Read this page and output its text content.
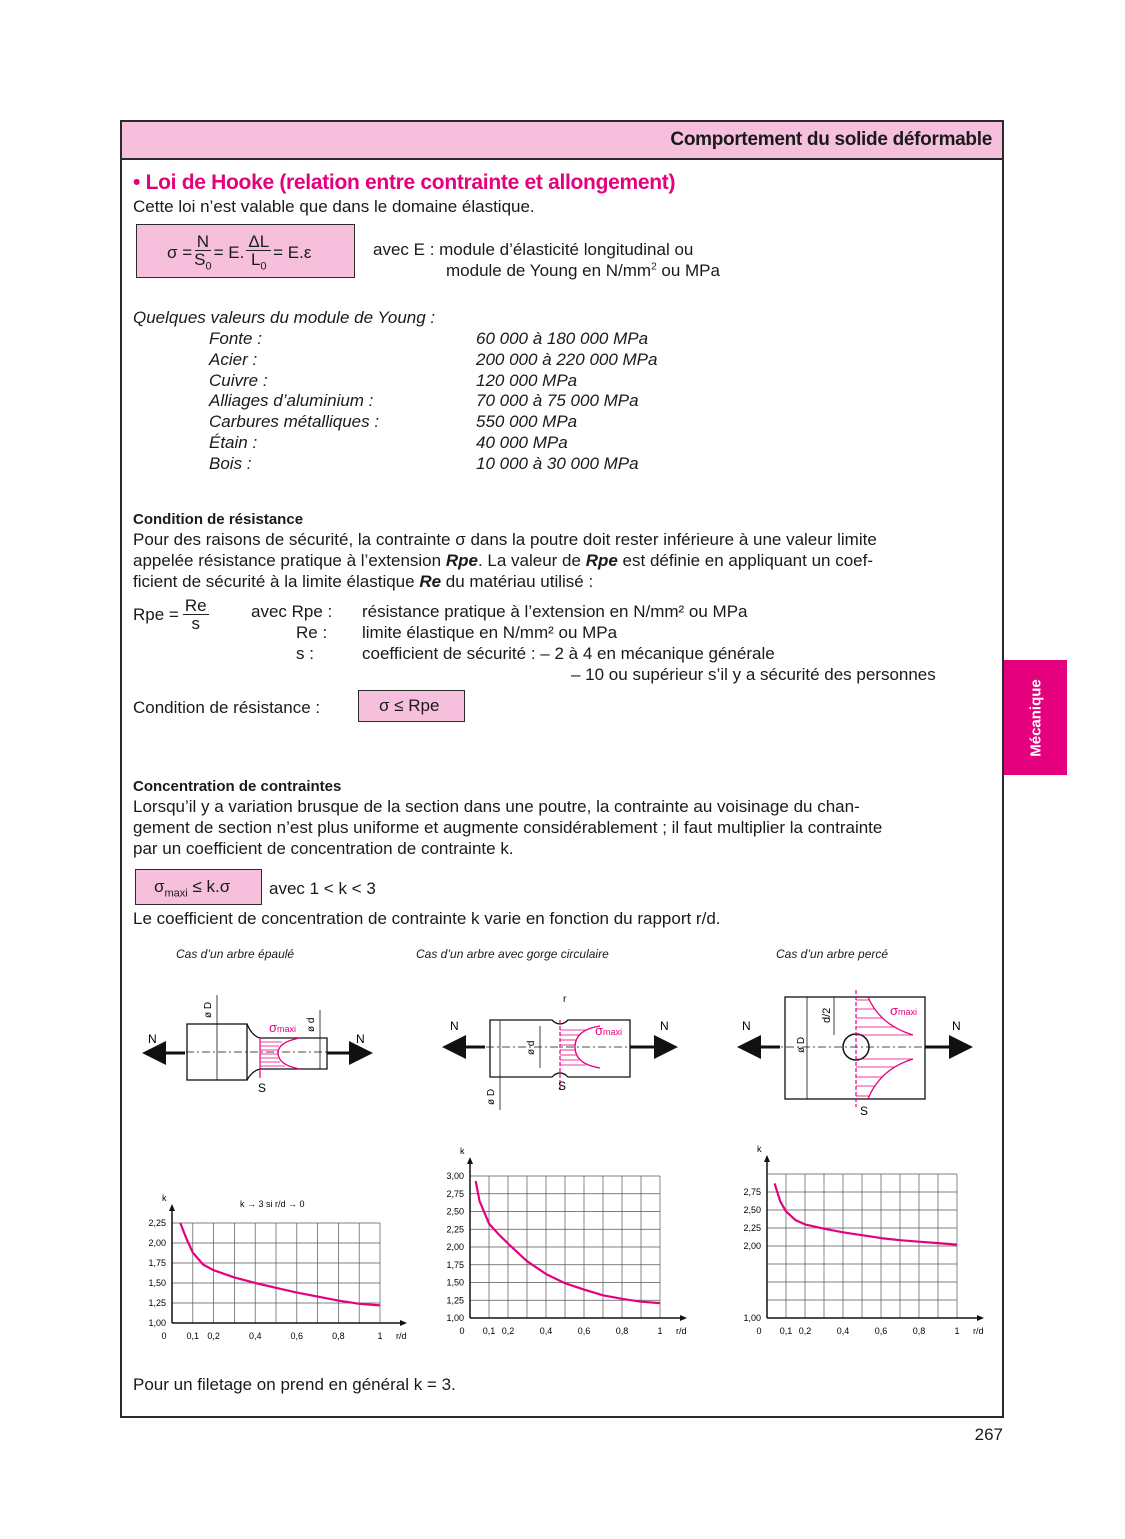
Comportement du solide déformable
• Loi de Hooke (relation entre contrainte et allongement)
Cette loi n’est valable que dans le domaine élastique.
$\sigma = \frac{N}{S_0} = E$. $\frac{\Delta L}{L_0} = E.\varepsilon$	avec E : module d’élasticité longitudinal ou
module de Young en $N/mm^2$ ou MPa
Quelques valeurs du module de Young :
Fonte :	60 000 à 180 000 MPa
Acier :	200 000 à 220 000 MPa
Cuivre :	120 000 MPa
Alliages d’aluminium :	70 000 à 75 000 MPa
Carbures métalliques :	550 000 MPa
Étain :	40 000 MPa
Bois :	10 000 à 30 000 MPa
Condition de résistance
Pour des raisons de sécurité, la contrainte σ dans la poutre doit rester inférieure à une valeur limite
appelée résistance pratique à l’extension Rpe. La valeur de Rpe est définie en appliquant un coef-
ficient de sécurité à la limite élastique Re du matériau utilisé :
Rpe = $\frac{Re}{s}$ avec Rpe : résistance pratique à l’extension en N/mm² ou MPa
Re : limite élastique en N/mm² ou MPa
s :	coefficient de sécurité : – 2 à 4 en mécanique générale
– 10 ou supérieur s’il y a sécurité des personnes
Condition de résistance :	σ ≤ Rpe	Mécanique
Concentration de contraintes
Lorsqu’il y a variation brusque de la section dans une poutre, la contrainte au voisinage du chan-
gement de section n’est plus uniforme et augmente considérablement ; il faut multiplier la contrainte
par un coefficient de concentration de contrainte k.
$\sigma_{maxi} \le k.\sigma$ avec 1 < k < 3
Le coefficient de concentration de contrainte k varie en fonction du rapport r/d.
Cas d’un arbre épaulé	Cas d’un arbre avec gorge circulaire	Cas d’un arbre percé
σmaxi
N	N
S
ø D
ø d	σmaxi
N	N
S
ø D
ø d
r
σmaxi
N	N
S
ø D
d/2
k
1,00
1,25
1,50
1,75
2,00
2,25
0 0,1 0,2	0,4	0,6	0,8	1 r/d
k → 3 si r/d → 0
k
1,00
1,25
1,50
1,75
2,00
2,25
2,50
2,75
3,00
0 0,1 0,2	0,4	0,6	0,8	1 r/d
k
1,00
2,00
2,25
2,50
2,75
0 0,1 0,2	0,4	0,6	0,8	1 r/d
Pour un filetage on prend en général k = 3.
267
